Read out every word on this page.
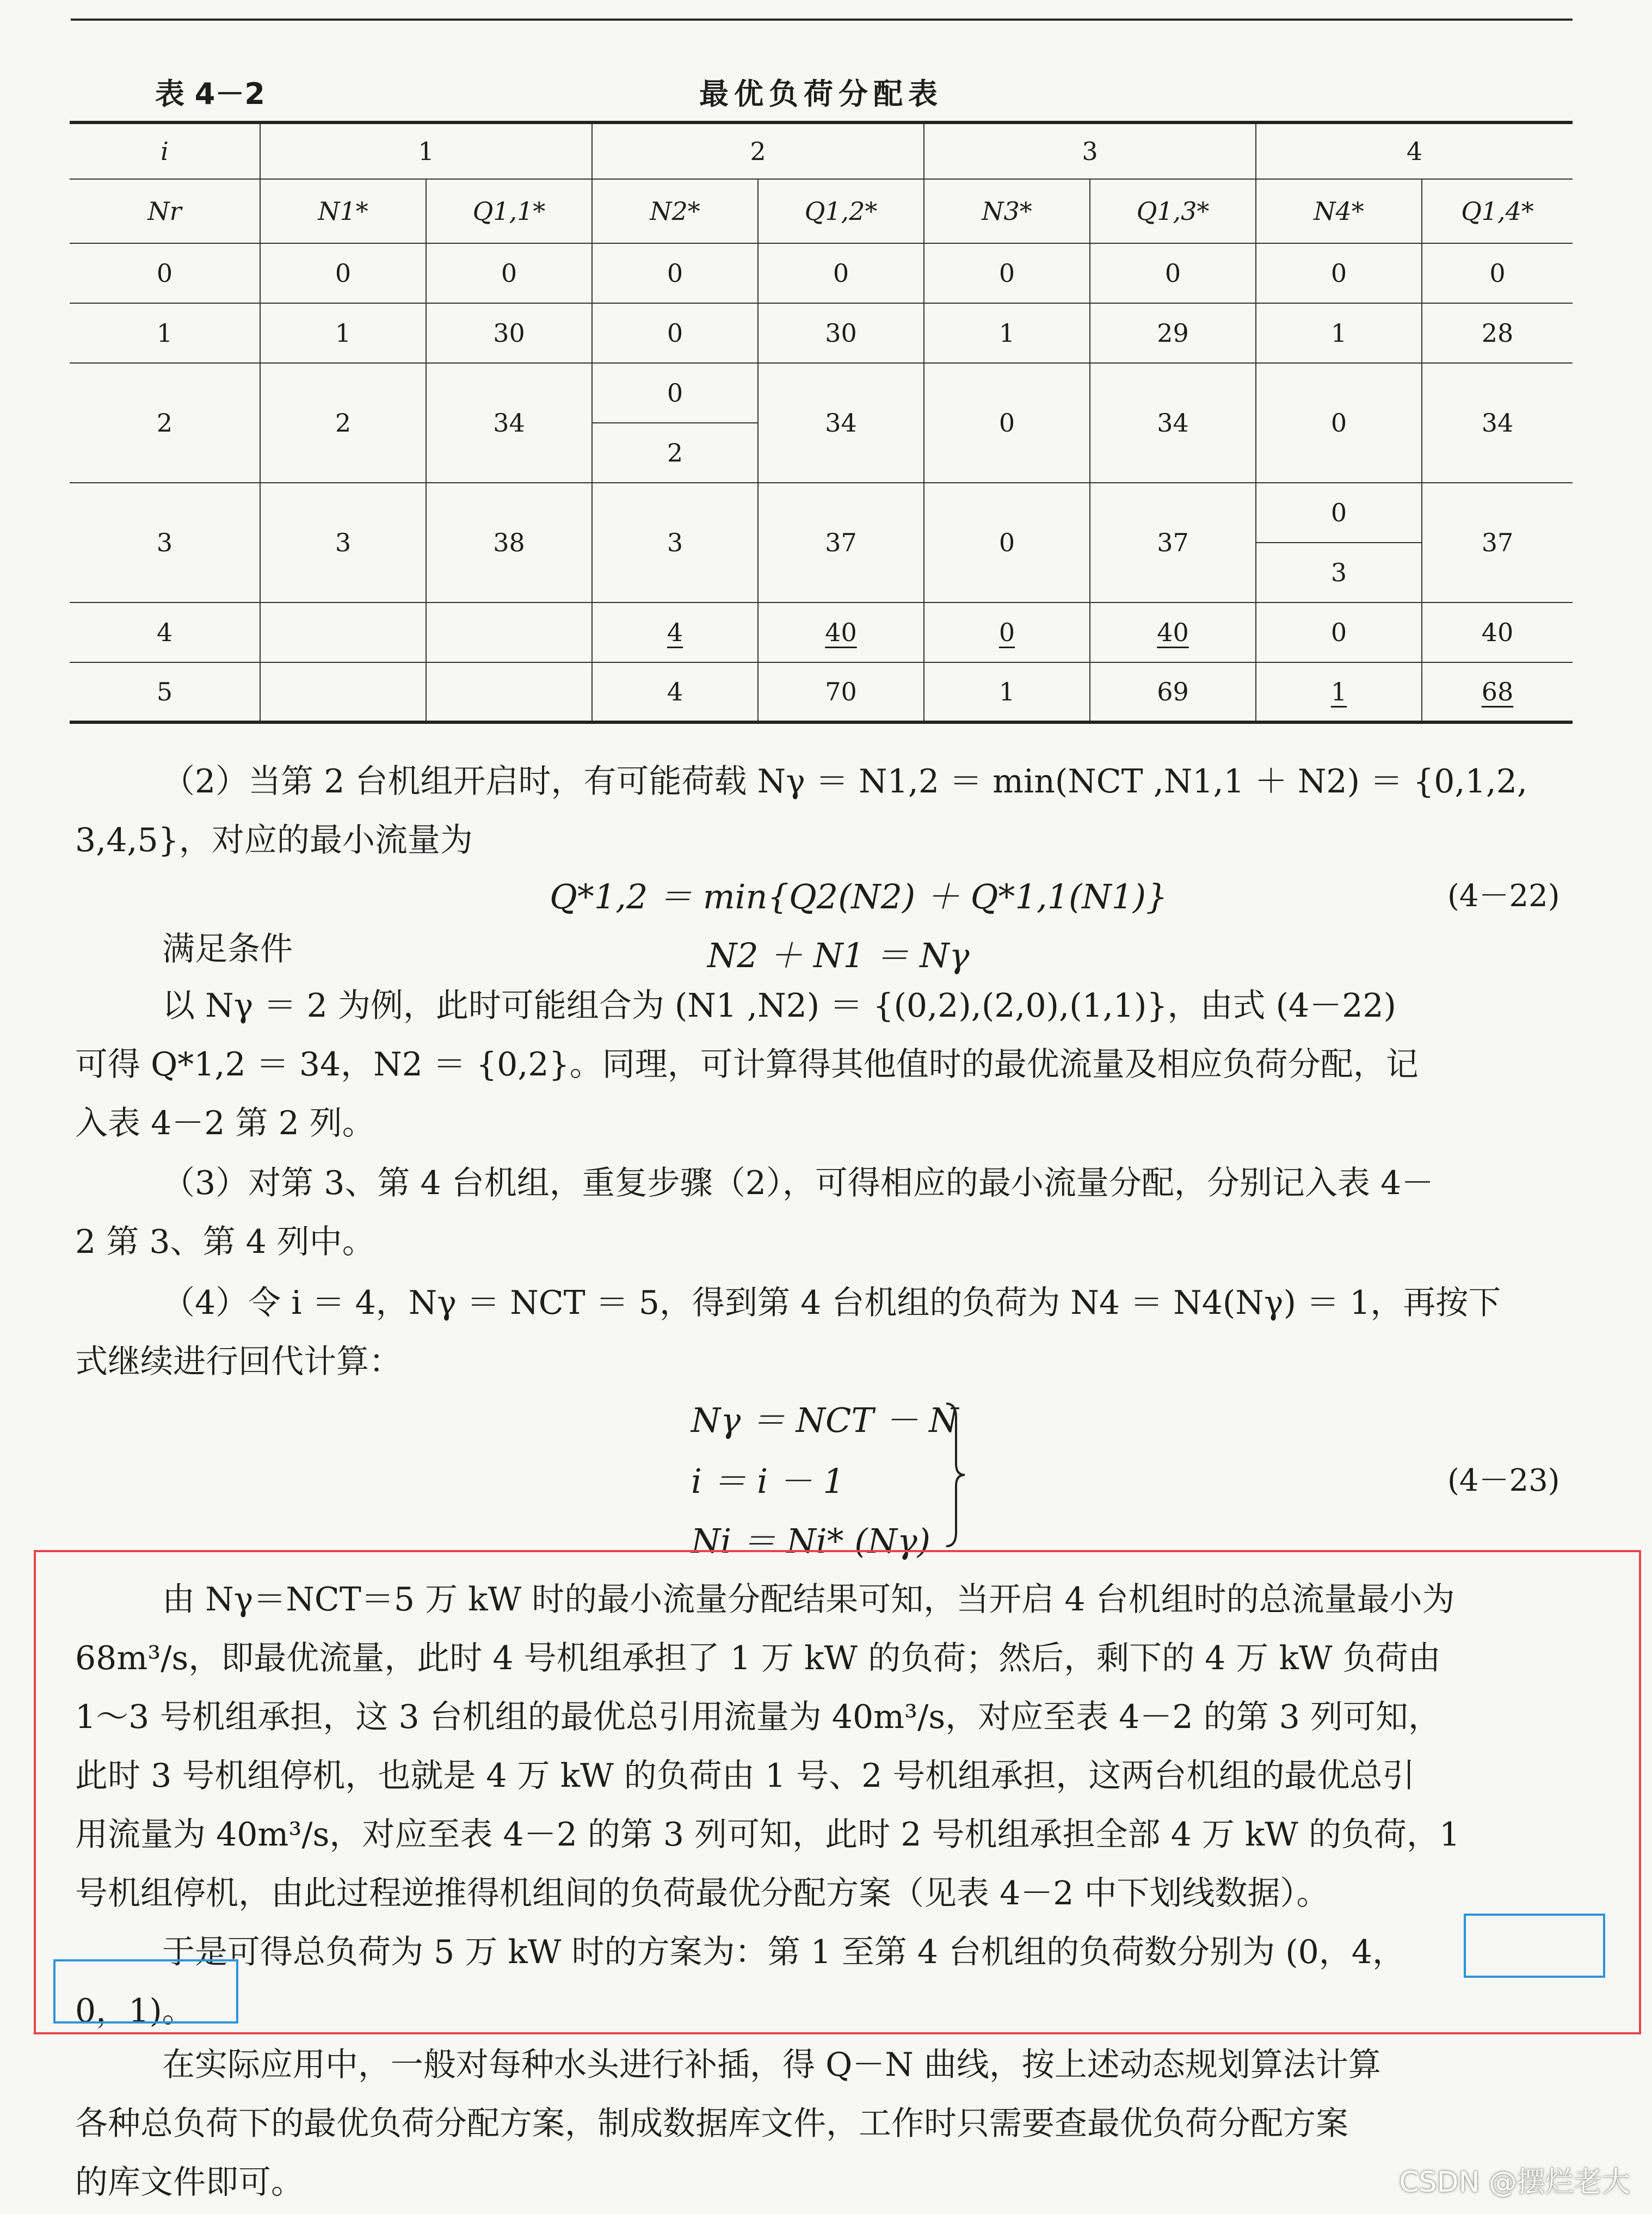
表 4－2	最优负荷分配表
i	1		2		3		4	
Nr	N1*	Q1,1*	N2*	Q1,2*	N3*	Q1,3*	N4*	Q1,4*
0	0	0	0	0	0	0	0	0
1	1	30	0	30	1	29	1	28
2	2	34	0	34	0	34	0	34
			2					
3	3	38	3	37	0	37	0	37
							3	
4			4	40	0	40	0	40
5			4	70	1	69	1	68
（2）当第 2 台机组开启时，有可能荷载 Nγ ＝ N1,2 ＝ min(NCT ,N1,1 ＋ N2) ＝ {0,1,2,
3,4,5}，对应的最小流量为
Q*1,2 ＝ min{Q2(N2) ＋ Q*1,1(N1)}	(4－22)
满足条件	N2 ＋ N1 ＝ Nγ
以 Nγ ＝ 2 为例，此时可能组合为 (N1 ,N2) ＝ {(0,2),(2,0),(1,1)}，由式 (4－22)
可得 Q*1,2 ＝ 34，N2 ＝ {0,2}。同理，可计算得其他值时的最优流量及相应负荷分配，记
入表 4－2 第 2 列。
（3）对第 3、第 4 台机组，重复步骤（2），可得相应的最小流量分配，分别记入表 4－
2 第 3、第 4 列中。
（4）令 i ＝ 4，Nγ ＝ NCT ＝ 5，得到第 4 台机组的负荷为 N4 ＝ N4(Nγ) ＝ 1，再按下
式继续进行回代计算：
Nγ ＝ NCT － N
i ＝ i － 1
Ni ＝ Ni* (Nγ)
(4－23)
由 Nγ＝NCT＝5 万 kW 时的最小流量分配结果可知，当开启 4 台机组时的总流量最小为
68m³/s，即最优流量，此时 4 号机组承担了 1 万 kW 的负荷；然后，剩下的 4 万 kW 负荷由
1～3 号机组承担，这 3 台机组的最优总引用流量为 40m³/s，对应至表 4－2 的第 3 列可知，
此时 3 号机组停机，也就是 4 万 kW 的负荷由 1 号、2 号机组承担，这两台机组的最优总引
用流量为 40m³/s，对应至表 4－2 的第 3 列可知，此时 2 号机组承担全部 4 万 kW 的负荷，1
号机组停机，由此过程逆推得机组间的负荷最优分配方案（见表 4－2 中下划线数据）。
于是可得总负荷为 5 万 kW 时的方案为：第 1 至第 4 台机组的负荷数分别为 (0，4，
0，1)。
在实际应用中，一般对每种水头进行补插，得 Q－N 曲线，按上述动态规划算法计算
各种总负荷下的最优负荷分配方案，制成数据库文件，工作时只需要查最优负荷分配方案
的库文件即可。	CSDN @摆烂老大
